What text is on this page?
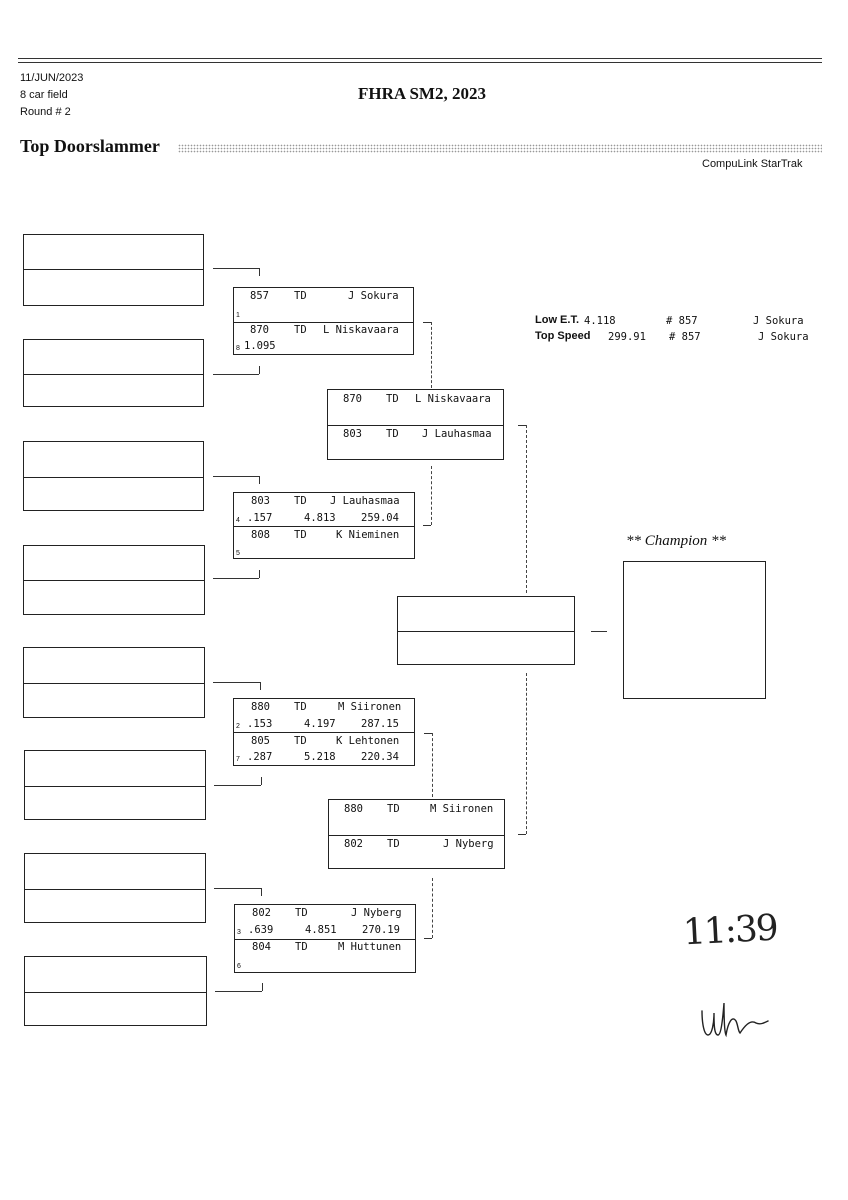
11/JUN/2023
8 car field
Round # 2
FHRA SM2, 2023
Top Doorslammer
CompuLink StarTrak
Low E.T. 4.118	# 857	J Sokura
Top Speed 299.91 # 857	J Sokura
857 TD	J Sokura
1
870 TD L Niskavaara
8 1.095
803 TD J Lauhasmaa
4 .157	4.813 259.04
808 TD	K Nieminen
5
880 TD	M Siironen
2 .153	4.197 287.15
805 TD	K Lehtonen
7 .287	5.218 220.34
802 TD	J Nyberg
3 .639	4.851 270.19
804 TD	M Huttunen
6
870 TD L Niskavaara
803 TD J Lauhasmaa
880 TD	M Siironen
802 TD	J Nyberg
** Champion **
11:39
